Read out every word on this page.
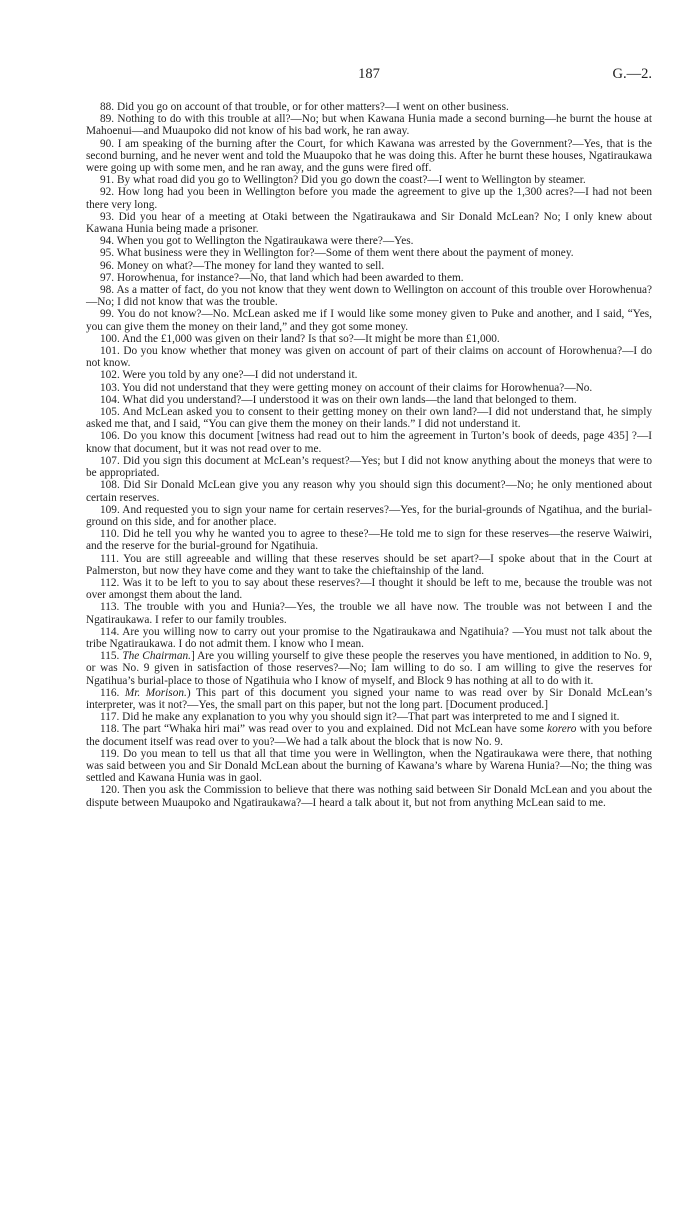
187	G.—2.

88. Did you go on account of that trouble, or for other matters?—I went on other business.

89. Nothing to do with this trouble at all?—No; but when Kawana Hunia made a second burning—he burnt the house at Mahoenui—and Muaupoko did not know of his bad work, he ran away.

90. I am speaking of the burning after the Court, for which Kawana was arrested by the Government?—Yes, that is the second burning, and he never went and told the Muaupoko that he was doing this. After he burnt these houses, Ngatiraukawa were going up with some men, and he ran away, and the guns were fired off.

91. By what road did you go to Wellington? Did you go down the coast?—I went to Wellington by steamer.

92. How long had you been in Wellington before you made the agreement to give up the 1,300 acres?—I had not been there very long.

93. Did you hear of a meeting at Otaki between the Ngatiraukawa and Sir Donald McLean? No; I only knew about Kawana Hunia being made a prisoner.

94. When you got to Wellington the Ngatiraukawa were there?—Yes.

95. What business were they in Wellington for?—Some of them went there about the payment of money.

96. Money on what?—The money for land they wanted to sell.

97. Horowhenua, for instance?—No, that land which had been awarded to them.

98. As a matter of fact, do you not know that they went down to Wellington on account of this trouble over Horowhenua?—No; I did not know that was the trouble.

99. You do not know?—No. McLean asked me if I would like some money given to Puke and another, and I said, “Yes, you can give them the money on their land,” and they got some money.

100. And the £1,000 was given on their land? Is that so?—It might be more than £1,000.

101. Do you know whether that money was given on account of part of their claims on account of Horowhenua?—I do not know.

102. Were you told by any one?—I did not understand it.

103. You did not understand that they were getting money on account of their claims for Horowhenua?—No.

104. What did you understand?—I understood it was on their own lands—the land that belonged to them.

105. And McLean asked you to consent to their getting money on their own land?—I did not understand that, he simply asked me that, and I said, “You can give them the money on their lands.” I did not understand it.

106. Do you know this document [witness had read out to him the agreement in Turton’s book of deeds, page 435] ?—I know that document, but it was not read over to me.

107. Did you sign this document at McLean’s request?—Yes; but I did not know anything about the moneys that were to be appropriated.

108. Did Sir Donald McLean give you any reason why you should sign this document?—No; he only mentioned about certain reserves.

109. And requested you to sign your name for certain reserves?—Yes, for the burial-grounds of Ngatihua, and the burial-ground on this side, and for another place.

110. Did he tell you why he wanted you to agree to these?—He told me to sign for these reserves—the reserve Waiwiri, and the reserve for the burial-ground for Ngatihuia.

111. You are still agreeable and willing that these reserves should be set apart?—I spoke about that in the Court at Palmerston, but now they have come and they want to take the chieftainship of the land.

112. Was it to be left to you to say about these reserves?—I thought it should be left to me, because the trouble was not over amongst them about the land.

113. The trouble with you and Hunia?—Yes, the trouble we all have now. The trouble was not between I and the Ngatiraukawa. I refer to our family troubles.

114. Are you willing now to carry out your promise to the Ngatiraukawa and Ngatihuia? —You must not talk about the tribe Ngatiraukawa. I do not admit them. I know who I mean.

115. The Chairman.] Are you willing yourself to give these people the reserves you have mentioned, in addition to No. 9, or was No. 9 given in satisfaction of those reserves?—No; Iam willing to do so. I am willing to give the reserves for Ngatihua’s burial-place to those of Ngatihuia who I know of myself, and Block 9 has nothing at all to do with it.

116. Mr. Morison.) This part of this document you signed your name to was read over by Sir Donald McLean’s interpreter, was it not?—Yes, the small part on this paper, but not the long part. [Document produced.]

117. Did he make any explanation to you why you should sign it?—That part was interpreted to me and I signed it.

118. The part “Whaka hiri mai” was read over to you and explained. Did not McLean have some korero with you before the document itself was read over to you?—We had a talk about the block that is now No. 9.

119. Do you mean to tell us that all that time you were in Wellington, when the Ngatiraukawa were there, that nothing was said between you and Sir Donald McLean about the burning of Kawana’s whare by Warena Hunia?—No; the thing was settled and Kawana Hunia was in gaol.

120. Then you ask the Commission to believe that there was nothing said between Sir Donald McLean and you about the dispute between Muaupoko and Ngatiraukawa?—I heard a talk about it, but not from anything McLean said to me.
